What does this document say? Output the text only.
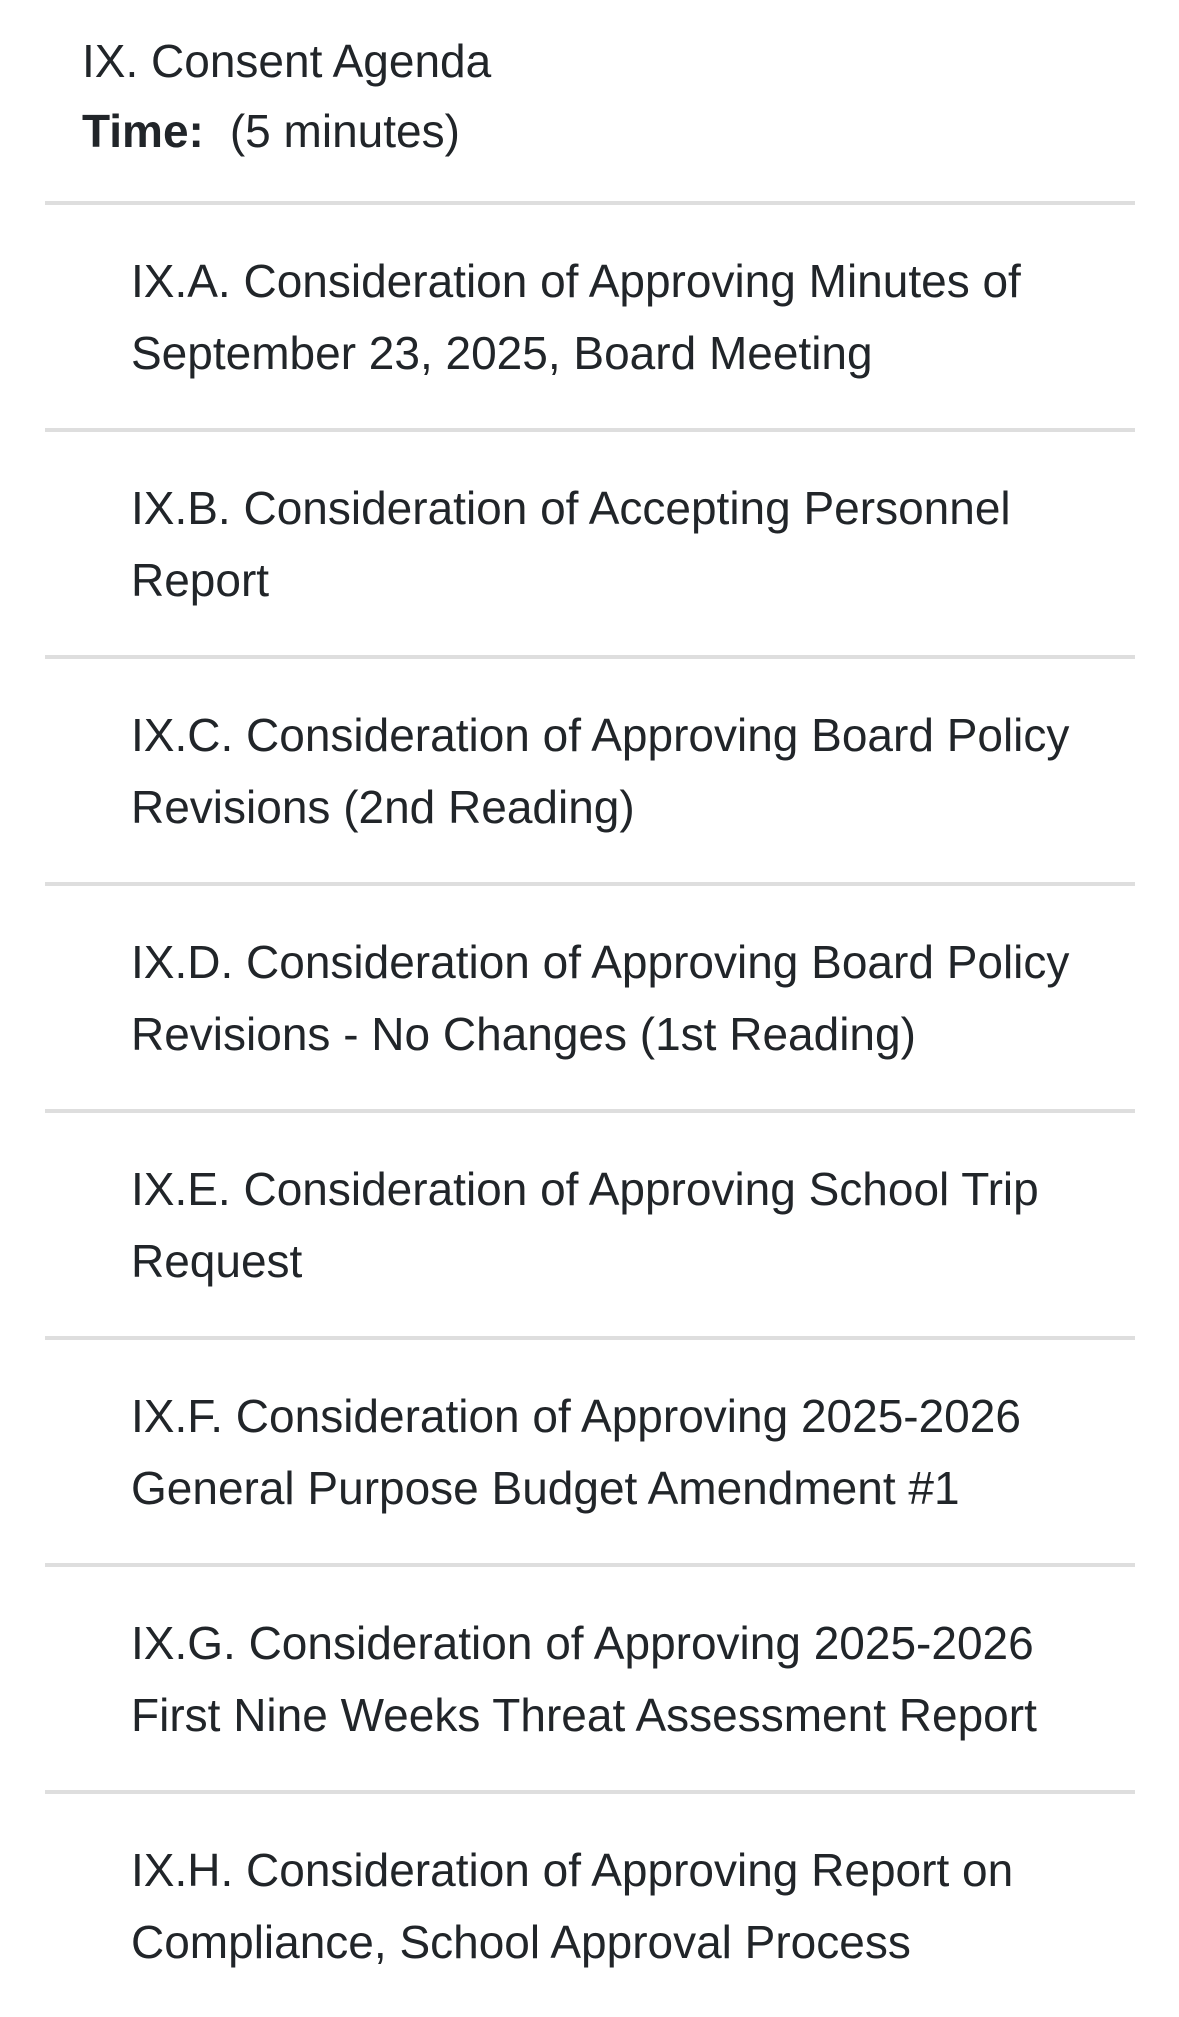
IX. Consent Agenda
Time: (5 minutes)
IX.A. Consideration of Approving Minutes of September 23, 2025, Board Meeting
IX.B. Consideration of Accepting Personnel Report
IX.C. Consideration of Approving Board Policy Revisions (2nd Reading)
IX.D. Consideration of Approving Board Policy Revisions - No Changes (1st Reading)
IX.E. Consideration of Approving School Trip Request
IX.F. Consideration of Approving 2025-2026 General Purpose Budget Amendment #1
IX.G. Consideration of Approving 2025-2026 First Nine Weeks Threat Assessment Report
IX.H. Consideration of Approving Report on Compliance, School Approval Process
